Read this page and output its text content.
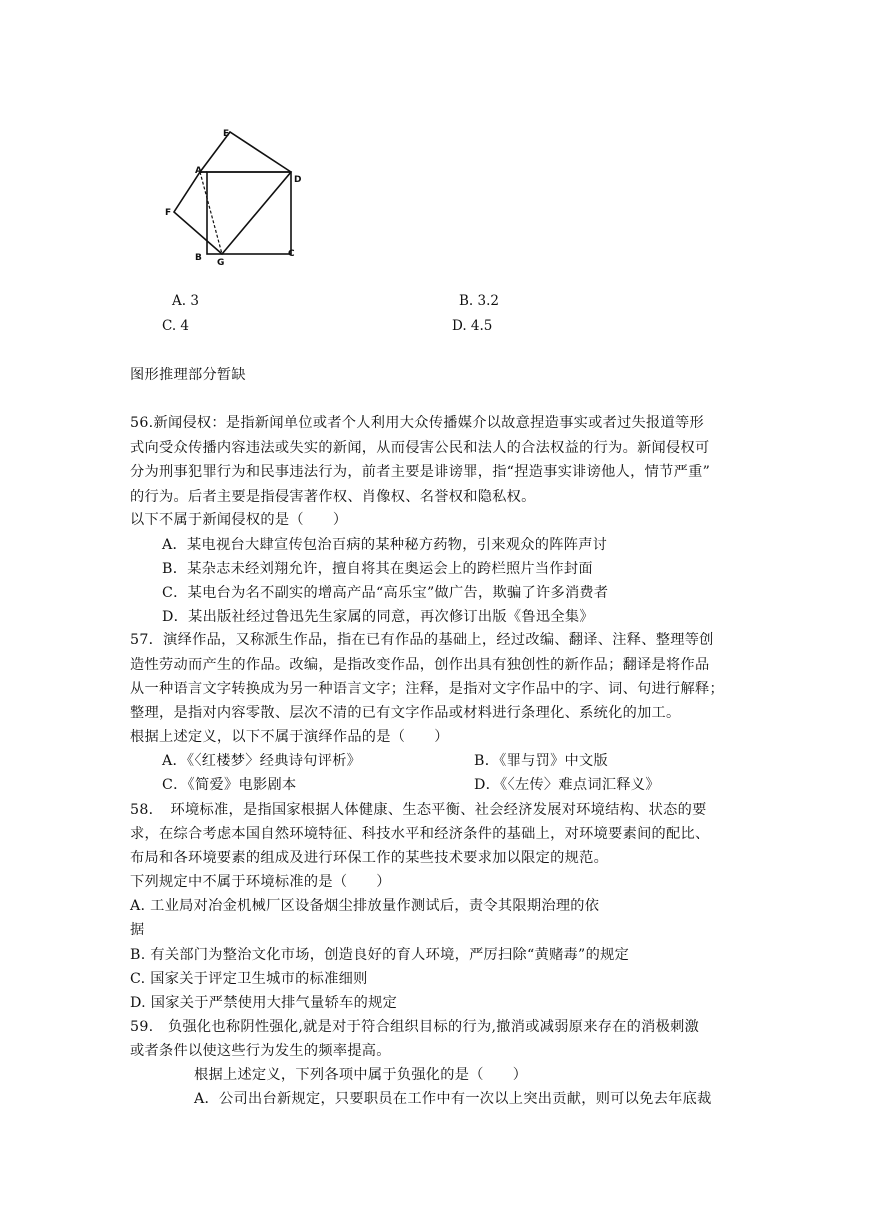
E
A
D
F
B G
C
A. 3	B. 3.2
C. 4	D. 4.5
图形推理部分暂缺
56.新闻侵权：是指新闻单位或者个人利用大众传播媒介以故意捏造事实或者过失报道等形
式向受众传播内容违法或失实的新闻，从而侵害公民和法人的合法权益的行为。新闻侵权可
分为刑事犯罪行为和民事违法行为，前者主要是诽谤罪，指“捏造事实诽谤他人，情节严重”
的行为。后者主要是指侵害著作权、肖像权、名誉权和隐私权。
以下不属于新闻侵权的是（　　）
A．某电视台大肆宣传包治百病的某种秘方药物，引来观众的阵阵声讨
B．某杂志未经刘翔允许，擅自将其在奥运会上的跨栏照片当作封面
C．某电台为名不副实的增高产品“高乐宝”做广告，欺骗了许多消费者
D．某出版社经过鲁迅先生家属的同意，再次修订出版《鲁迅全集》
57．演绎作品，又称派生作品，指在已有作品的基础上，经过改编、翻译、注释、整理等创
造性劳动而产生的作品。改编，是指改变作品，创作出具有独创性的新作品；翻译是将作品
从一种语言文字转换成为另一种语言文字；注释，是指对文字作品中的字、词、句进行解释；
整理，是指对内容零散、层次不清的已有文字作品或材料进行条理化、系统化的加工。
根据上述定义，以下不属于演绎作品的是（　　）
A．《〈红楼梦〉经典诗句评析》	B．《罪与罚》中文版
C．《简爱》电影剧本	D．《〈左传〉难点词汇释义》
58．　环境标准，是指国家根据人体健康、生态平衡、社会经济发展对环境结构、状态的要
求，在综合考虑本国自然环境特征、科技水平和经济条件的基础上，对环境要素间的配比、
布局和各环境要素的组成及进行环保工作的某些技术要求加以限定的规范。
下列规定中不属于环境标准的是（　　）
A. 工业局对冶金机械厂区设备烟尘排放量作测试后，责令其限期治理的依
据
B. 有关部门为整治文化市场，创造良好的育人环境，严厉扫除“黄赌毒”的规定
C. 国家关于评定卫生城市的标准细则
D. 国家关于严禁使用大排气量轿车的规定
59.　负强化也称阴性强化,就是对于符合组织目标的行为,撤消或减弱原来存在的消极刺激
或者条件以使这些行为发生的频率提高。
根据上述定义，下列各项中属于负强化的是（　　）
A．公司出台新规定，只要职员在工作中有一次以上突出贡献，则可以免去年底裁
